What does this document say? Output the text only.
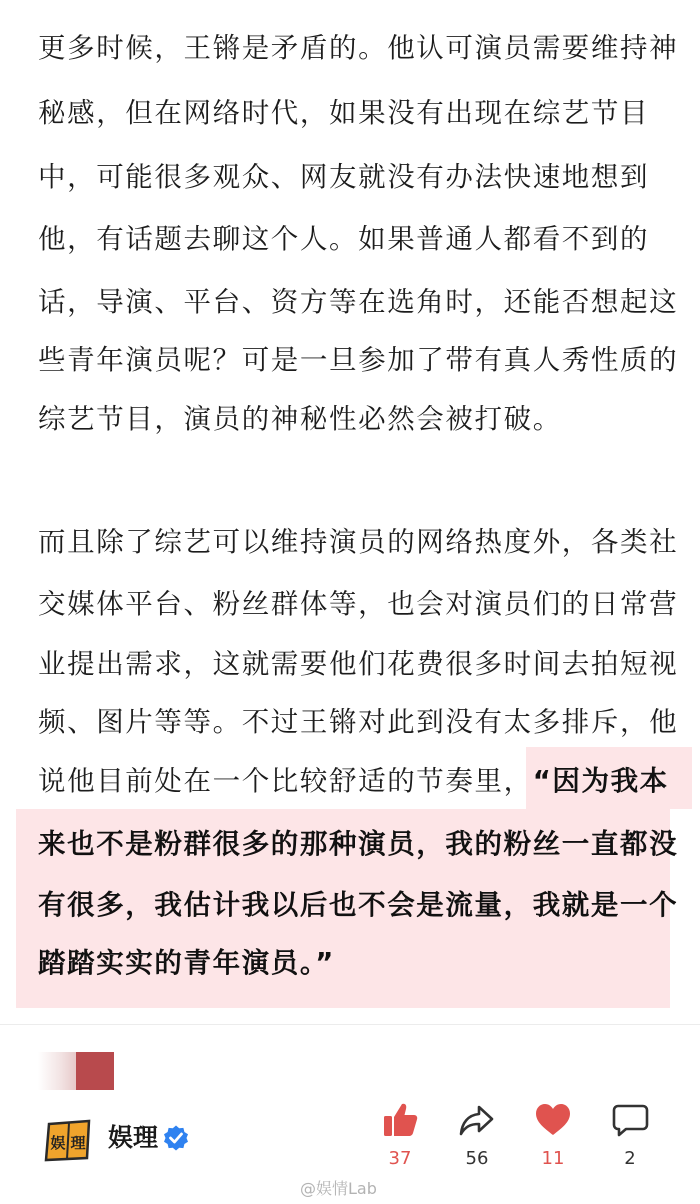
更多时候，王锵是矛盾的。他认可演员需要维持神
秘感，但在网络时代，如果没有出现在综艺节目
中，可能很多观众、网友就没有办法快速地想到
他，有话题去聊这个人。如果普通人都看不到的
话，导演、平台、资方等在选角时，还能否想起这
些青年演员呢？可是一旦参加了带有真人秀性质的
综艺节目，演员的神秘性必然会被打破。
而且除了综艺可以维持演员的网络热度外，各类社
交媒体平台、粉丝群体等，也会对演员们的日常营
业提出需求，这就需要他们花费很多时间去拍短视
频、图片等等。不过王锵对此到没有太多排斥，他
说他目前处在一个比较舒适的节奏里，“因为我本
来也不是粉群很多的那种演员，我的粉丝一直都没
有很多，我估计我以后也不会是流量，我就是一个
踏踏实实的青年演员。”
娱 理 娱理
37	56	11	2
@娱情Lab
